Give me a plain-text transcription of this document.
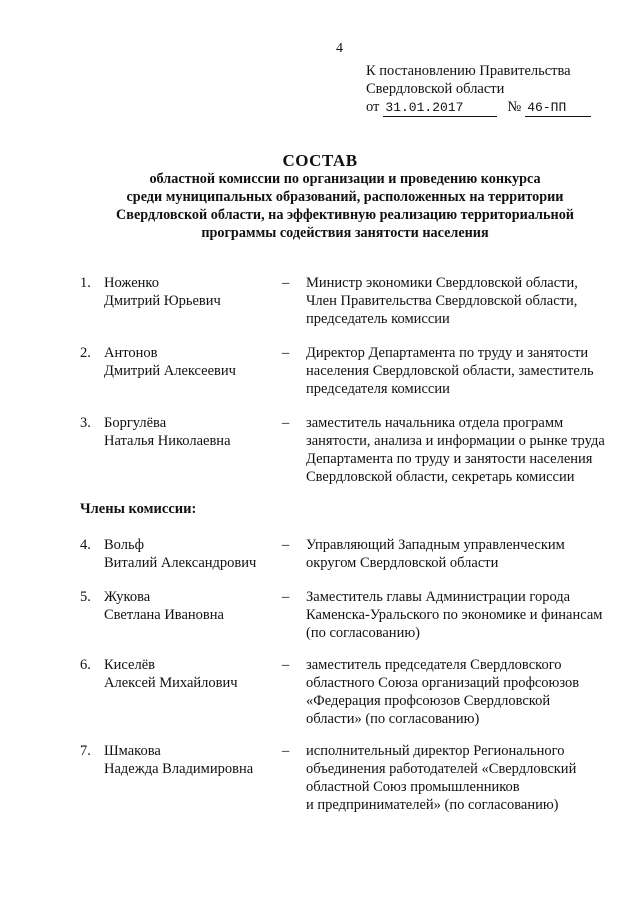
4
К постановлению Правительства
Свердловской области
от 31.01.2017	№ 46-ПП
СОСТАВ
областной комиссии по организации и проведению конкурса
среди муниципальных образований, расположенных на территории
Свердловской области, на эффективную реализацию территориальной
программы содействия занятости населения
1. Ноженко
Дмитрий Юрьевич
– Министр экономики Свердловской области,
Член Правительства Свердловской области,
председатель комиссии
2. Антонов
Дмитрий Алексеевич
– Директор Департамента по труду и занятости
населения Свердловской области, заместитель
председателя комиссии
3. Боргулёва
Наталья Николаевна
– заместитель начальника отдела программ
занятости, анализа и информации о рынке труда
Департамента по труду и занятости населения
Свердловской области, секретарь комиссии
Члены комиссии:
4. Вольф
Виталий Александрович
– Управляющий Западным управленческим
округом Свердловской области
5. Жукова
Светлана Ивановна
– Заместитель главы Администрации города
Каменска-Уральского по экономике и финансам
(по согласованию)
6. Киселёв
Алексей Михайлович
– заместитель председателя Свердловского
областного Союза организаций профсоюзов
«Федерация профсоюзов Свердловской
области» (по согласованию)
7. Шмакова
Надежда Владимировна
– исполнительный директор Регионального
объединения работодателей «Свердловский
областной Союз промышленников
и предпринимателей» (по согласованию)
